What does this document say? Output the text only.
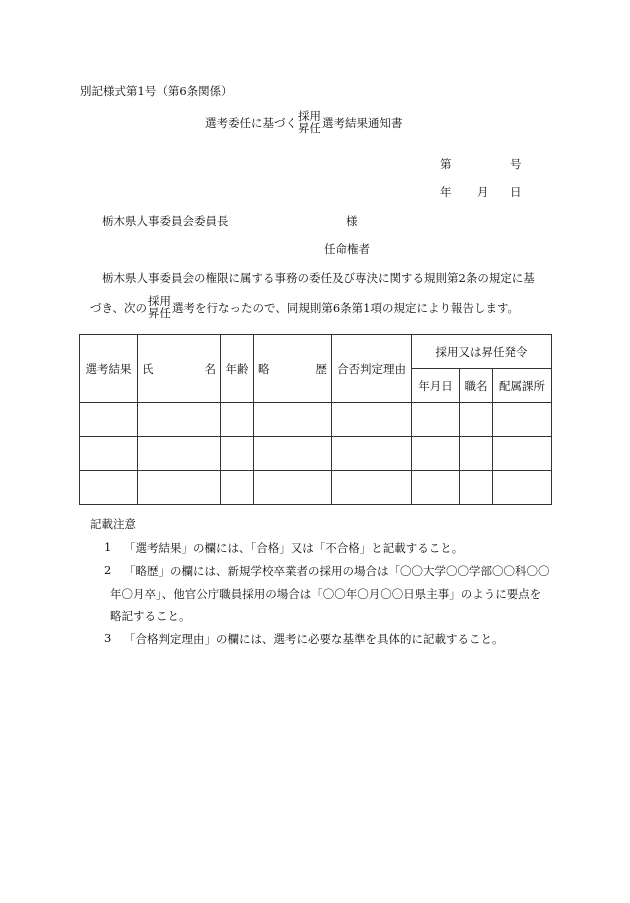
別記様式第1号（第6条関係）
選考委任に基づく 採用
昇任 選考結果通知書
第	号
年 月 日
栃木県人事委員会委員長	様
任命権者
栃木県人事委員会の権限に属する事務の委任及び専決に関する規則第2条の規定に基
づき、次の 採用
昇任 選考を行なったので、同規則第6条第1項の規定により報告します。
選考結果	氏 名	年齢	略 歴	合否判定理由	採用又は昇任発令		
					年月日	職名	配属課所

記載注意
1 「選考結果」の欄には、「合格」又は「不合格」と記載すること。
2 「略歴」の欄には、新規学校卒業者の採用の場合は「〇〇大学〇〇学部〇〇科〇〇
年〇月卒」、他官公庁職員採用の場合は「〇〇年〇月〇〇日県主事」のように要点を
略記すること。
3 「合格判定理由」の欄には、選考に必要な基準を具体的に記載すること。
